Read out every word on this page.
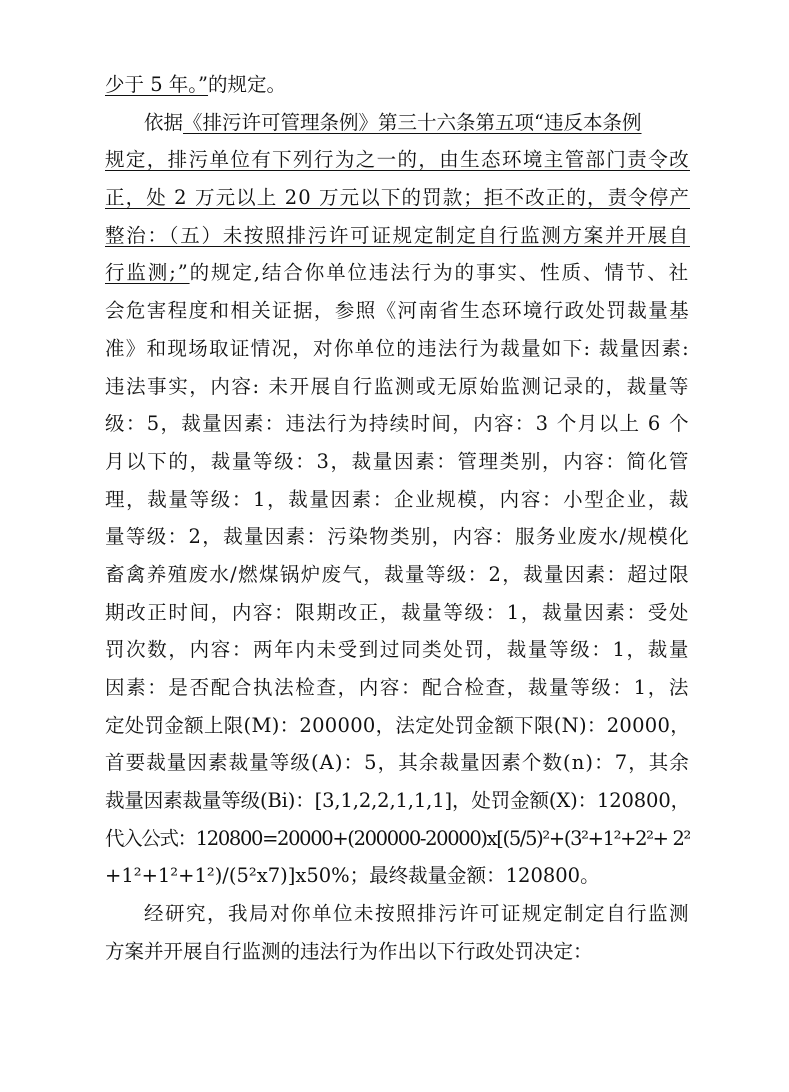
少于 5 年。” 的规定。
依据《排污许可管理条例》第三十六条第五项“违反本条例
规定，排污单位有下列行为之一的，由生态环境主管部门责令改
正，处 2 万元以上 20 万元以下的罚款；拒不改正的，责令停产
整治：（五）未按照排污许可证规定制定自行监测方案并开展自
行监测;”的规定,结合你单位违法行为的事实、性质、情节、社
会危害程度和相关证据，参照《河南省生态环境行政处罚裁量基
准》和现场取证情况，对你单位的违法行为裁量如下: 裁量因素:
违法事实，内容: 未开展自行监测或无原始监测记录的，裁量等
级：5，裁量因素：违法行为持续时间，内容：3 个月以上 6 个
月以下的，裁量等级：3，裁量因素：管理类别，内容：简化管
理，裁量等级：1，裁量因素：企业规模，内容：小型企业，裁
量等级：2，裁量因素：污染物类别，内容：服务业废水/规模化
畜禽养殖废水/燃煤锅炉废气，裁量等级：2，裁量因素：超过限
期改正时间，内容：限期改正，裁量等级：1，裁量因素：受处
罚次数，内容：两年内未受到过同类处罚，裁量等级：1，裁量
因素：是否配合执法检查，内容：配合检查，裁量等级：1，法
定处罚金额上限(M)：200000，法定处罚金额下限(N)：20000，
首要裁量因素裁量等级(A)：5，其余裁量因素个数(n)：7，其余
裁量因素裁量等级(Bi)：[3,1,2,2,1,1,1]，处罚金额(X)：120800，
代入公式：120800=20000+(200000-20000)x[(5/5)²+(3²+1²+2²+ 2²
+1²+1²+1²)/(5²x7)]x50%；最终裁量金额：120800。
经研究，我局对你单位未按照排污许可证规定制定自行监测
方案并开展自行监测的违法行为作出以下行政处罚决定：
